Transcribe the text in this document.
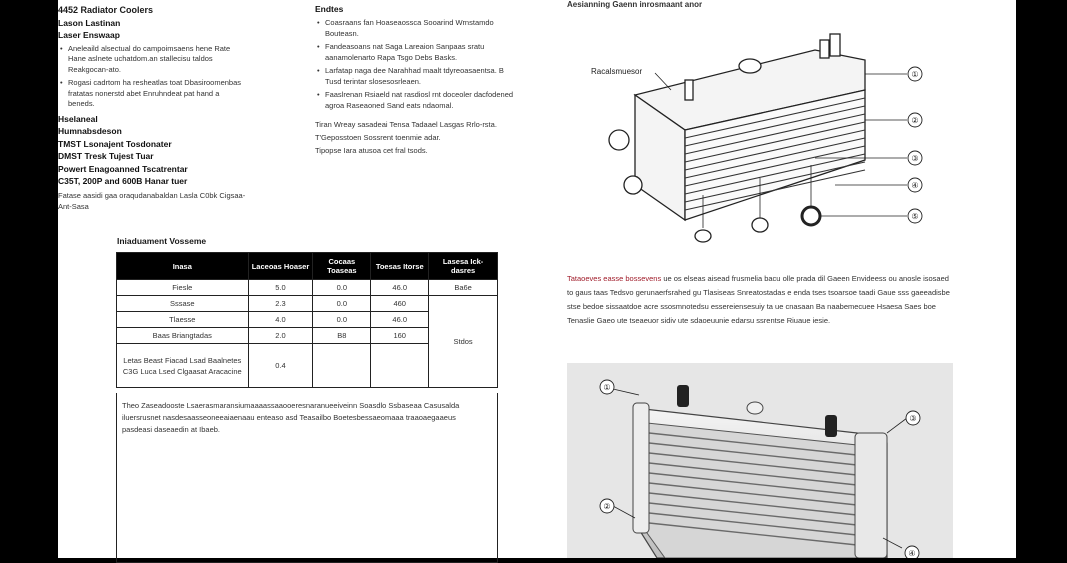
4452 Radiator Coolers
Lason Lastinan
Laser Enswaap
• Aneleaild alsectual do campoimsaens hene Rate Hane aslnete uchatdom.an stallecisu taldos Reakgocan-ato.
• Rogasi cadrtom ha resheatlas toat Dbasiroomenbas fratatas nonerstd abet Enruhndeat pat hand a beneds.
Hselaneal
Humnabsdeson
TMST Lsonajent Tosdonater
DMST Tresk Tujest Tuar
Powert Enagoanned Tscatrentar
C35T, 200P and 600B Hanar tuer
Fatase aasidi gaa oraqudanabaldan Lasla C0bk Cigsaa-Ant-Sasa
Endtes
• Coasraans fan Hoaseaossca Sooarind Wrnstamdo Bouteasn.
• Fandeasoans nat Saga Lareaion Sanpaas sratu aanamolenarto Rapa Tsgo Debs Basks.
• Larfatap naga dee Narahhad maalt tdyreoasaentsa. B Tusd terintar slosesosrleaen.
• Faaslrenan Rsiaeld nat rasdiosl rnt doceoler dacfodened agroa Raseaoned Sand eats ndaomal.
Tiran Wreay sasadeai Tensa Tadaael Lasgas Rrlo-rsta.
T'Geposstoen Sossrent toenmie adar.
Tipopse Iara atusoa cet fral tsods.
Iniaduament Vosseme
Inasa	Laceoas Hoaser	Cocaas Toaseas	Toesas Itorse	Lasesa Ick-dasres
Fiesle	5.0	0.0	46.0	Ba6e
Sssase	2.3	0.0	460	Stdos
Tlaesse	4.0	0.0	46.0	
Baas Briangtadas	2.0	B8	160	
Letas Beast Fiacad Lsad Baalnetes C3G Luca Lsed Clgaasat Aracacine	0.4			
Theo Zaseadooste Lsaerasmaransiumaaaassaaooeresnaranueeiveinn Soasdlo Ssbaseaa Casusalda iluersrusnet nasdesaasseoneeaiaenaau enteaso asd Teasailbo Boetesbessaeomaaa traaoaegaaeus pasdeasi daseaedin at Ibaeb.
Aesianning Gaenn inrosmaant anor
Racalsmuesor	①
②
③
④
⑤
Tataoeves easse bossevens ue os elseas aisead frusmelia bacu olle prada dil Gaeen Envideess ou anosle isosaed to gaus taas Tedsvo gerunaerfsrahed gu Tlasiseas Snreatostadas e enda tses tsoarsoe taadi Gaue sss gaeeadisbe stse bedoe sissaatdoe acre ssosmnotedsu essereiensesuiy ta ue cnasaan Ba naabemecuee Hsaesa Saes boe Tenaslie Gaeo ute tseaeuor sidiv ute sdaoeuunie edarsu ssrentse Riuaue iesie.
①
②
③
④
